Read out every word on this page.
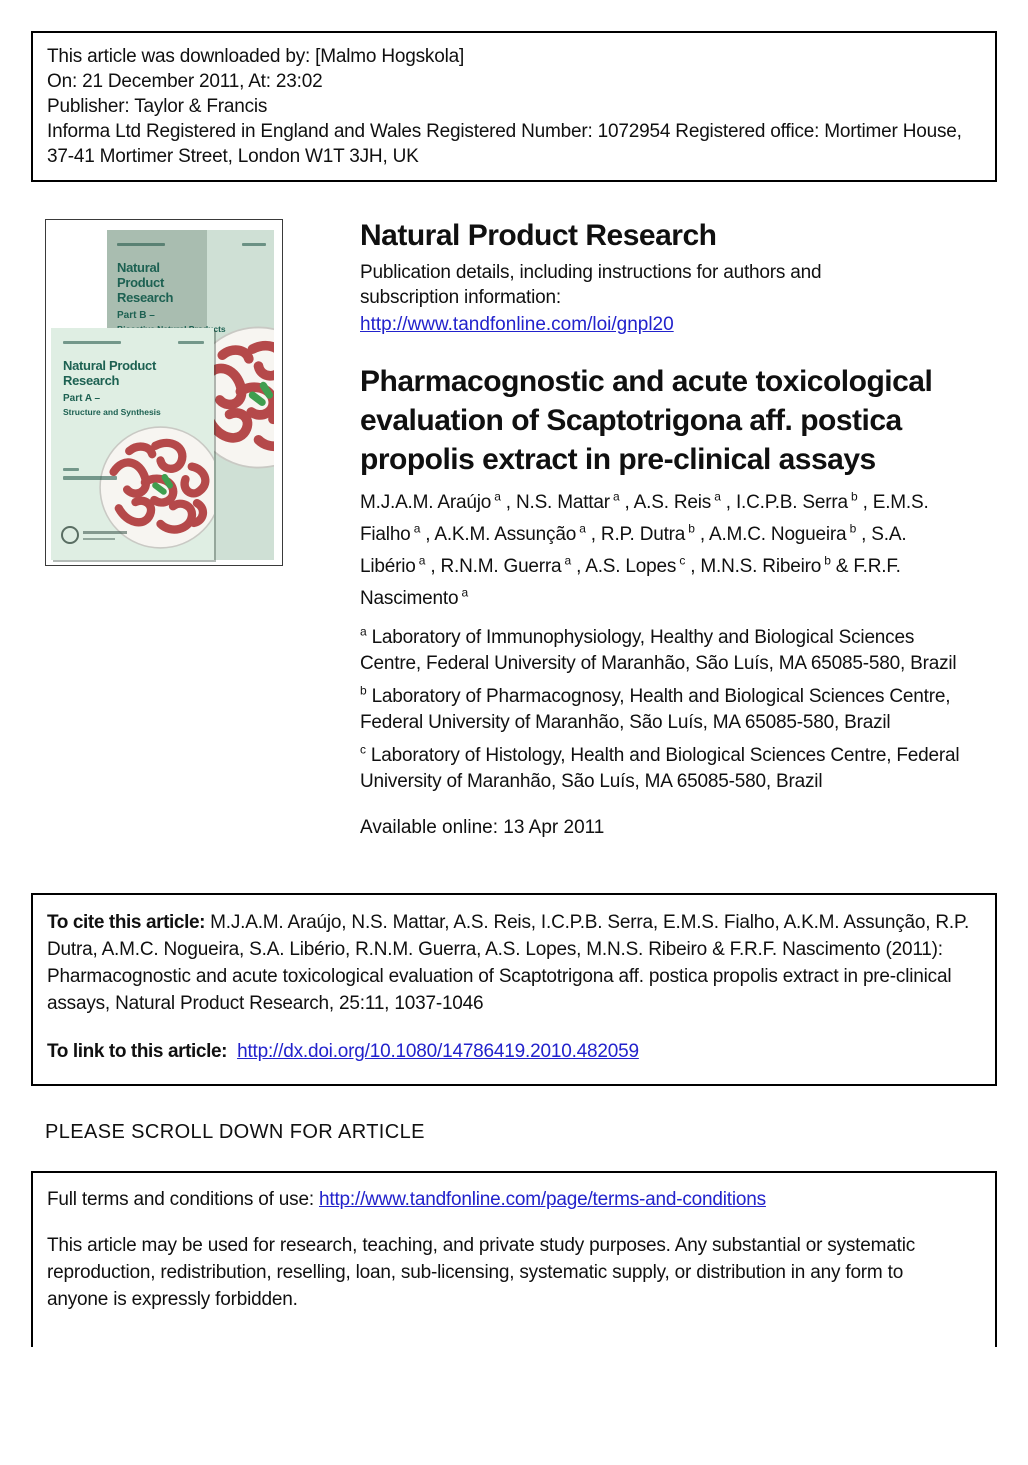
This article was downloaded by: [Malmo Hogskola]
On: 21 December 2011, At: 23:02
Publisher: Taylor & Francis
Informa Ltd Registered in England and Wales Registered Number: 1072954 Registered office: Mortimer House, 37-41 Mortimer Street, London W1T 3JH, UK
Natural Product Research
Part B –
Natural Product Research
Part A –
Structure and Synthesis
Natural Product Research

Publication details, including instructions for authors and subscription information:

http://www.tandfonline.com/loi/gnpl20

Pharmacognostic and acute toxicological evaluation of Scaptotrigona aff. postica propolis extract in pre-clinical assays

M.J.A.M. Araújo $^a$ , N.S. Mattar $^a$ , A.S. Reis $^a$ , I.C.P.B. Serra $^b$ , E.M.S. Fialho $^a$ , A.K.M. Assunção $^a$ , R.P. Dutra $^b$ , A.M.C. Nogueira $^b$ , S.A. Libério $^a$ , R.N.M. Guerra $^a$ , A.S. Lopes $^c$ , M.N.S. Ribeiro $^b$ & F.R.F. Nascimento $^a$

$^a$ Laboratory of Immunophysiology, Healthy and Biological Sciences Centre, Federal University of Maranhão, São Luís, MA 65085-580, Brazil

$^b$ Laboratory of Pharmacognosy, Health and Biological Sciences Centre, Federal University of Maranhão, São Luís, MA 65085-580, Brazil

$^c$ Laboratory of Histology, Health and Biological Sciences Centre, Federal University of Maranhão, São Luís, MA 65085-580, Brazil

Available online: 13 Apr 2011

To cite this article: M.J.A.M. Araújo, N.S. Mattar, A.S. Reis, I.C.P.B. Serra, E.M.S. Fialho, A.K.M. Assunção, R.P. Dutra, A.M.C. Nogueira, S.A. Libério, R.N.M. Guerra, A.S. Lopes, M.N.S. Ribeiro & F.R.F. Nascimento (2011): Pharmacognostic and acute toxicological evaluation of Scaptotrigona aff. postica propolis extract in pre-clinical assays, Natural Product Research, 25:11, 1037-1046

To link to this article: http://dx.doi.org/10.1080/14786419.2010.482059

PLEASE SCROLL DOWN FOR ARTICLE

Full terms and conditions of use: http://www.tandfonline.com/page/terms-and-conditions

This article may be used for research, teaching, and private study purposes. Any substantial or systematic reproduction, redistribution, reselling, loan, sub-licensing, systematic supply, or distribution in any form to anyone is expressly forbidden.
